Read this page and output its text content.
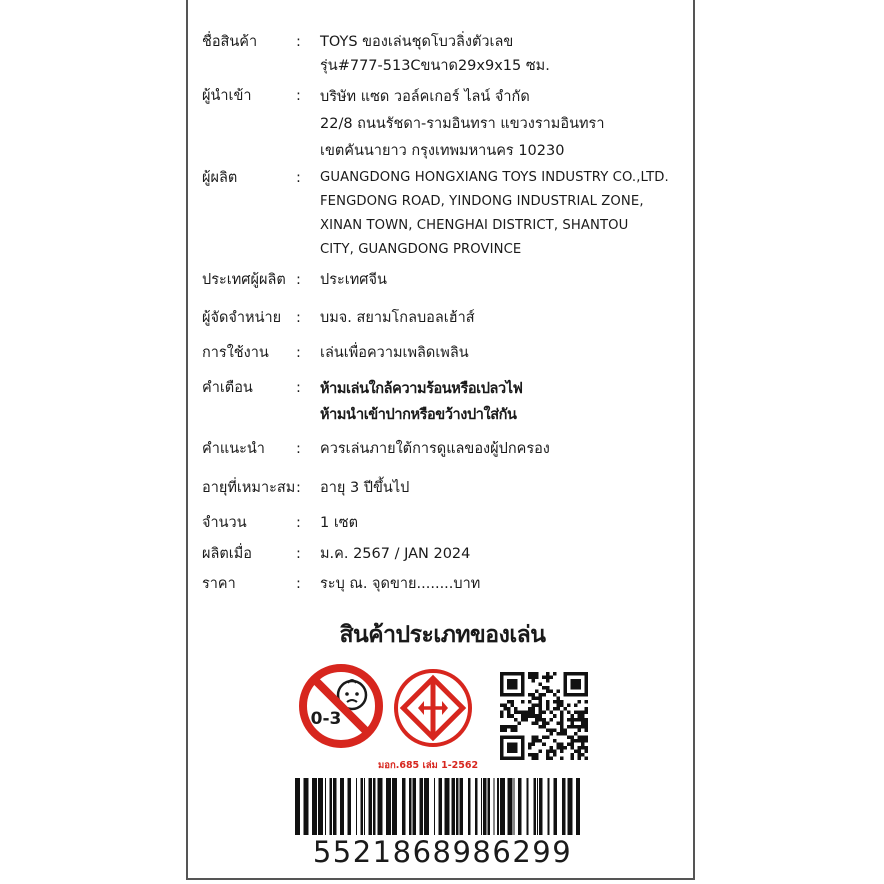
ชื่อสินค้า	: TOYS ของเล่นชุดโบวลิ่งตัวเลข
รุ่น#777-513Cขนาด29x9x15 ซม.
ผู้นำเข้า	: บริษัท แซด วอล์คเกอร์ ไลน์ จำกัด
22/8 ถนนรัชดา-รามอินทรา แขวงรามอินทรา
เขตคันนายาว กรุงเทพมหานคร 10230
ผู้ผลิต	: GUANGDONG HONGXIANG TOYS INDUSTRY CO.,LTD.
FENGDONG ROAD, YINDONG INDUSTRIAL ZONE,
XINAN TOWN, CHENGHAI DISTRICT, SHANTOU
CITY, GUANGDONG PROVINCE
ประเทศผู้ผลิต : ประเทศจีน
ผู้จัดจำหน่าย : บมจ. สยามโกลบอลเฮ้าส์
การใช้งาน : เล่นเพื่อความเพลิดเพลิน
คำเตือน	: ห้ามเล่นใกล้ความร้อนหรือเปลวไฟ
ห้ามนำเข้าปากหรือขว้างปาใส่กัน
คำแนะนำ : ควรเล่นภายใต้การดูแลของผู้ปกครอง
อายุที่เหมาะสม : อายุ 3 ปีขึ้นไป
จำนวน	: 1 เซต
ผลิตเมื่อ	: ม.ค. 2567 / JAN 2024
ราคา	: ระบุ ณ. จุดขาย........บาท
สินค้าประเภทของเล่น
0-3
มอก.685 เล่ม 1-2562
5521868986299
